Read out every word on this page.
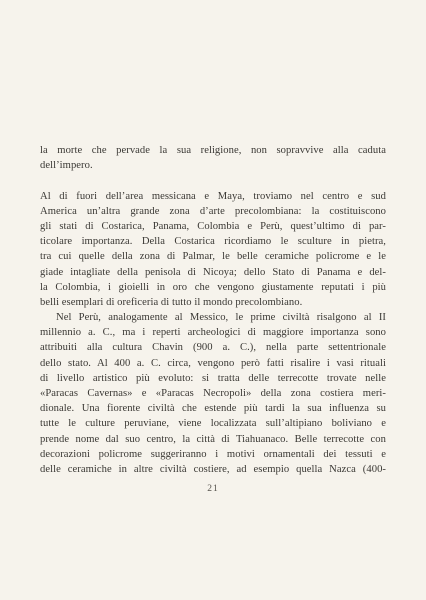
la morte che pervade la sua religione, non sopravvive alla caduta
dell’impero.
Al di fuori dell’area messicana e Maya, troviamo nel centro e sud
America un’altra grande zona d’arte precolombiana: la costituiscono
gli stati di Costarica, Panama, Colombia e Perù, quest’ultimo di par-
ticolare importanza. Della Costarica ricordiamo le sculture in pietra,
tra cui quelle della zona di Palmar, le belle ceramiche policrome e le
giade intagliate della penisola di Nicoya; dello Stato di Panama e del-
la Colombia, i gioielli in oro che vengono giustamente reputati i più
belli esemplari di oreficeria di tutto il mondo precolombiano.
Nel Perù, analogamente al Messico, le prime civiltà risalgono al II
millennio a. C., ma i reperti archeologici di maggiore importanza sono
attribuiti alla cultura Chavin (900 a. C.), nella parte settentrionale
dello stato. Al 400 a. C. circa, vengono però fatti risalire i vasi rituali
di livello artistico più evoluto: si tratta delle terrecotte trovate nelle
«Paracas Cavernas» e «Paracas Necropoli» della zona costiera meri-
dionale. Una fiorente civiltà che estende più tardi la sua influenza su
tutte le culture peruviane, viene localizzata sull’altipiano boliviano e
prende nome dal suo centro, la città di Tiahuanaco. Belle terrecotte con
decorazioni policrome suggeriranno i motivi ornamentali dei tessuti e
delle ceramiche in altre civiltà costiere, ad esempio quella Nazca (400-
21
